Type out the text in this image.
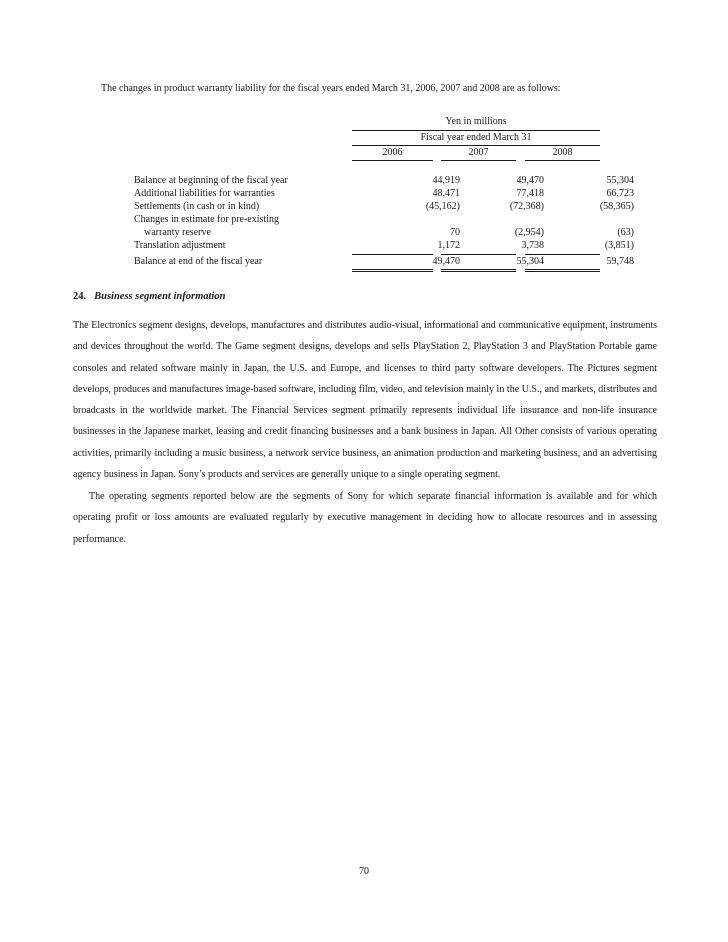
The changes in product warranty liability for the fiscal years ended March 31, 2006, 2007 and 2008 are as follows:
Yen in millions
Fiscal year ended March 31
2006	2007	2008
Balance at beginning of the fiscal year	44,919	49,470	55,304
Additional liabilities for warranties	48,471	77,418	66,723
Settlements (in cash or in kind)	(45,162)	(72,368)	(58,365)
Changes in estimate for pre-existing
warranty reserve	70	(2,954)	(63)
Translation adjustment	1,172	3,738	(3,851)
Balance at end of the fiscal year	49,470	55,304	59,748
24. Business segment information

The Electronics segment designs, develops, manufactures and distributes audio-visual, informational and communicative equipment, instruments and devices throughout the world. The Game segment designs, develops and sells PlayStation 2, PlayStation 3 and PlayStation Portable game consoles and related software mainly in Japan, the U.S. and Europe, and licenses to third party software developers. The Pictures segment develops, produces and manufactures image-based software, including film, video, and television mainly in the U.S., and markets, distributes and broadcasts in the worldwide market. The Financial Services segment primarily represents individual life insurance and non-life insurance businesses in the Japanese market, leasing and credit financing businesses and a bank business in Japan. All Other consists of various operating activities, primarily including a music business, a network service business, an animation production and marketing business, and an advertising agency business in Japan. Sony’s products and services are generally unique to a single operating segment.

The operating segments reported below are the segments of Sony for which separate financial information is available and for which operating profit or loss amounts are evaluated regularly by executive management in deciding how to allocate resources and in assessing performance.

70
